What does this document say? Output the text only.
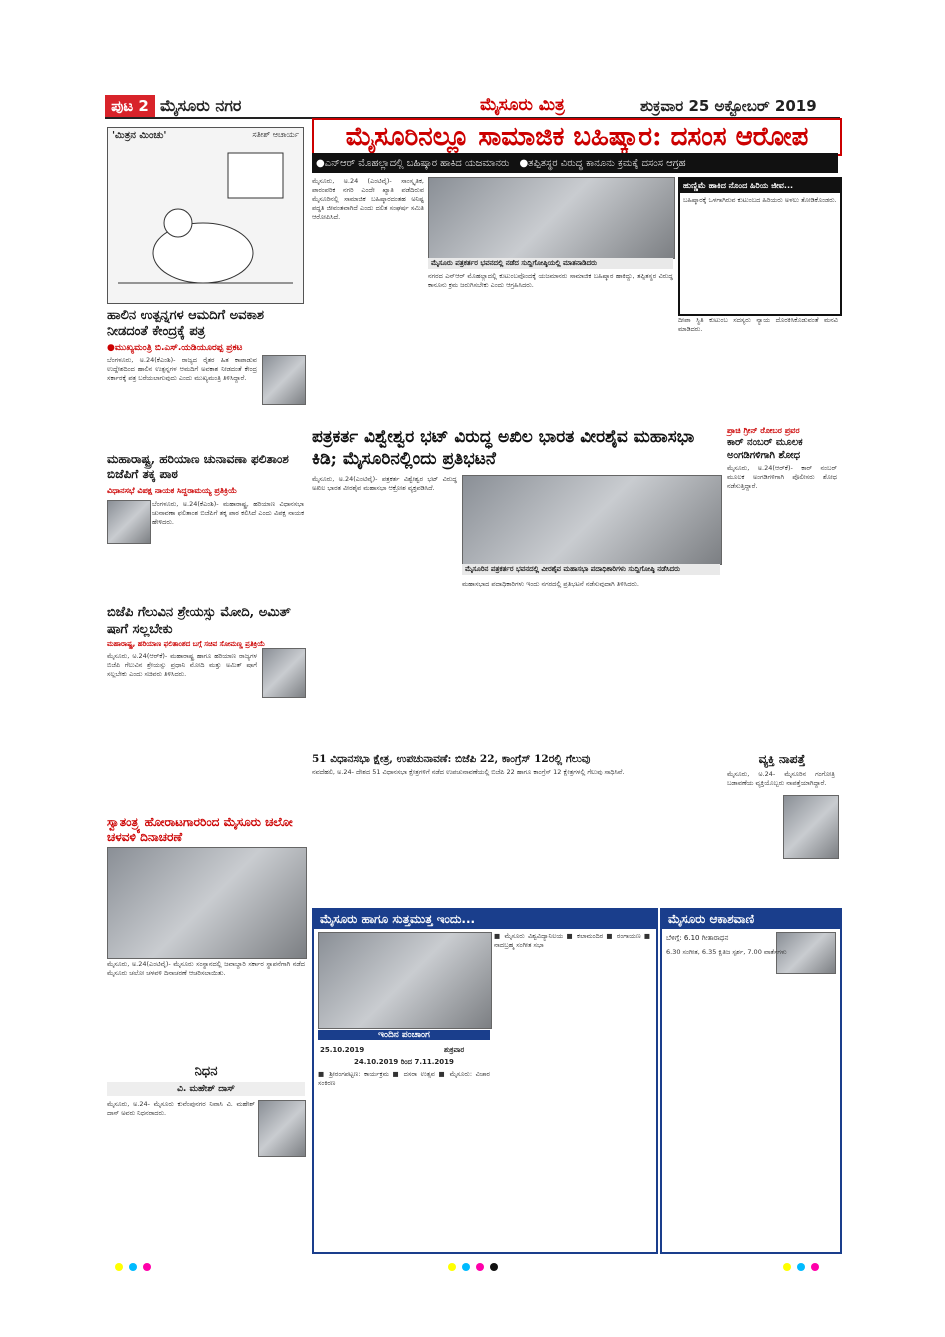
ಪುಟ
2 ಮೈಸೂರು ನಗರ	ಮೈಸೂರು ಮಿತ್ರ	ಶುಕ್ರವಾರ 25 ಅಕ್ಟೋಬರ್ 2019
'ಮಿತ್ರನ ಮಿಂಚು'	ಸತೀಶ್ ಆಚಾರ್ಯ
ಹಾಲಿನ ಉತ್ಪನ್ನಗಳ ಆಮದಿಗೆ ಅವಕಾಶ ನೀಡದಂತೆ ಕೇಂದ್ರಕ್ಕೆ ಪತ್ರ
●ಮುಖ್ಯಮಂತ್ರಿ ಬಿ.ಎಸ್.ಯಡಿಯೂರಪ್ಪ ಪ್ರಕಟ
ಬೆಂಗಳೂರು, ಅ.24(ಕೆಎಂಶಿ)- ರಾಜ್ಯದ ರೈತರ ಹಿತ ಕಾಪಾಡುವ ಉದ್ದೇಶದಿಂದ ಹಾಲಿನ ಉತ್ಪನ್ನಗಳ ಆಮದಿಗೆ ಅವಕಾಶ ನೀಡದಂತೆ ಕೇಂದ್ರ ಸರ್ಕಾರಕ್ಕೆ ಪತ್ರ ಬರೆಯಲಾಗುವುದು ಎಂದು ಮುಖ್ಯಮಂತ್ರಿ ತಿಳಿಸಿದ್ದಾರೆ.
ಮಹಾರಾಷ್ಟ್ರ, ಹರಿಯಾಣ ಚುನಾವಣಾ ಫಲಿತಾಂಶ ಬಿಜೆಪಿಗೆ ತಕ್ಕ ಪಾಠ
ವಿಧಾನಸಭೆ ವಿಪಕ್ಷ ನಾಯಕ ಸಿದ್ದರಾಮಯ್ಯ ಪ್ರತಿಕ್ರಿಯೆ
ಬೆಂಗಳೂರು, ಅ.24(ಕೆಎಂಶಿ)- ಮಹಾರಾಷ್ಟ್ರ, ಹರಿಯಾಣ ವಿಧಾನಸಭಾ ಚುನಾವಣಾ ಫಲಿತಾಂಶ ಬಿಜೆಪಿಗೆ ತಕ್ಕ ಪಾಠ ಕಲಿಸಿದೆ ಎಂದು ವಿಪಕ್ಷ ನಾಯಕ ಹೇಳಿದರು.
ಬಿಜೆಪಿ ಗೆಲುವಿನ ಶ್ರೇಯಸ್ಸು ಮೋದಿ, ಅಮಿತ್ ಷಾಗೆ ಸಲ್ಲಬೇಕು
ಮಹಾರಾಷ್ಟ್ರ, ಹರಿಯಾಣ ಫಲಿತಾಂಶದ ಬಗ್ಗೆ ಸಚಿವ ಸೋಮಣ್ಣ ಪ್ರತಿಕ್ರಿಯೆ
ಮೈಸೂರು, ಅ.24(ಆರ್‌ಕೆ)- ಮಹಾರಾಷ್ಟ್ರ ಹಾಗೂ ಹರಿಯಾಣ ರಾಜ್ಯಗಳ ಬಿಜೆಪಿ ಗೆಲುವಿನ ಶ್ರೇಯಸ್ಸು ಪ್ರಧಾನಿ ಮೋದಿ ಮತ್ತು ಅಮಿತ್ ಷಾಗೆ ಸಲ್ಲಬೇಕು ಎಂದು ಸಚಿವರು ತಿಳಿಸಿದರು.
ಸ್ವಾತಂತ್ರ್ಯ ಹೋರಾಟಗಾರರಿಂದ ಮೈಸೂರು ಚಲೋ ಚಳವಳಿ ದಿನಾಚರಣೆ
ಮೈಸೂರು, ಅ.24(ಎಂಟಿವೈ)- ಮೈಸೂರು ಸಂಸ್ಥಾನದಲ್ಲಿ ಜವಾಬ್ದಾರಿ ಸರ್ಕಾರ ಸ್ಥಾಪನೆಗಾಗಿ ನಡೆದ ಮೈಸೂರು ಚಲೋ ಚಳವಳಿ ದಿನಾಚರಣೆ ಆಚರಿಸಲಾಯಿತು.
ನಿಧನ
ವಿ. ಮಹೇಶ್ ದಾಸ್
ಮೈಸೂರು, ಅ.24- ಮೈಸೂರು ಕುವೆಂಪುನಗರ ನಿವಾಸಿ ವಿ. ಮಹೇಶ್ ದಾಸ್ ಅವರು ನಿಧನರಾದರು.
ಮೈಸೂರಿನಲ್ಲೂ ಸಾಮಾಜಿಕ ಬಹಿಷ್ಕಾರ: ದಸಂಸ ಆರೋಪ
●ಎನ್‌ಆರ್ ಮೊಹಲ್ಲಾದಲ್ಲಿ ಬಹಿಷ್ಕಾರ ಹಾಕಿದ ಯಜಮಾನರು ●ತಪ್ಪಿತಸ್ಥರ ವಿರುದ್ಧ ಕಾನೂನು ಕ್ರಮಕ್ಕೆ ದಸಂಸ ಆಗ್ರಹ
ಮೈಸೂರು, ಅ.24 (ಎಂಟಿವೈ)- ಸಾಂಸ್ಕೃತಿಕ, ಪಾರಂಪರಿಕ ನಗರಿ ಎಂದೇ ಖ್ಯಾತಿ ಪಡೆದಿರುವ ಮೈಸೂರಿನಲ್ಲಿ ಸಾಮಾಜಿಕ ಬಹಿಷ್ಕಾರದಂತಹ ಅನಿಷ್ಟ ಪದ್ಧತಿ ಜೀವಂತವಾಗಿದೆ ಎಂದು ದಲಿತ ಸಂಘರ್ಷ ಸಮಿತಿ ಆರೋಪಿಸಿದೆ.
ಮೈಸೂರು ಪತ್ರಕರ್ತರ ಭವನದಲ್ಲಿ ನಡೆದ ಸುದ್ದಿಗೋಷ್ಠಿಯಲ್ಲಿ ಮಾತನಾಡಿದರು
ನಗರದ ಎನ್‌ಆರ್ ಮೊಹಲ್ಲಾದಲ್ಲಿ ಕುಟುಂಬವೊಂದಕ್ಕೆ ಯಜಮಾನರು ಸಾಮಾಜಿಕ ಬಹಿಷ್ಕಾರ ಹಾಕಿದ್ದು, ತಪ್ಪಿತಸ್ಥರ ವಿರುದ್ಧ ಕಾನೂನು ಕ್ರಮ ಜರುಗಿಸಬೇಕು ಎಂದು ಆಗ್ರಹಿಸಿದರು.
ಹುಣ್ಣಿಮೆ ಹಾಕಿದ ನೊಂದ ಹಿರಿಯ ಜೀವ...
ಬಹಿಷ್ಕಾರಕ್ಕೆ ಒಳಗಾಗಿರುವ ಕುಟುಂಬದ ಹಿರಿಯರು ಅಳಲು ತೋಡಿಕೊಂಡರು.
ದೀಪಾ ಸ್ಥಿತಿ ಕುಟುಂಬ ಸದಸ್ಯರು ನ್ಯಾಯ ದೊರಕಿಸಿಕೊಡುವಂತೆ ಮನವಿ ಮಾಡಿದರು.
ಪತ್ರಕರ್ತ ವಿಶ್ವೇಶ್ವರ ಭಟ್ ವಿರುದ್ಧ ಅಖಿಲ ಭಾರತ ವೀರಶೈವ ಮಹಾಸಭಾ ಕಿಡಿ; ಮೈಸೂರಿನಲ್ಲಿಂದು ಪ್ರತಿಭಟನೆ
ಮೈಸೂರು, ಅ.24(ಎಂಟಿವೈ)- ಪತ್ರಕರ್ತ ವಿಶ್ವೇಶ್ವರ ಭಟ್ ವಿರುದ್ಧ ಅಖಿಲ ಭಾರತ ವೀರಶೈವ ಮಹಾಸಭಾ ಆಕ್ರೋಶ ವ್ಯಕ್ತಪಡಿಸಿದೆ.
ಮೈಸೂರಿನ ಪತ್ರಕರ್ತರ ಭವನದಲ್ಲಿ ವೀರಶೈವ ಮಹಾಸಭಾ ಪದಾಧಿಕಾರಿಗಳು ಸುದ್ದಿಗೋಷ್ಠಿ ನಡೆಸಿದರು
ಮಹಾಸಭಾದ ಪದಾಧಿಕಾರಿಗಳು ಇಂದು ನಗರದಲ್ಲಿ ಪ್ರತಿಭಟನೆ ನಡೆಸುವುದಾಗಿ ತಿಳಿಸಿದರು.
ಪ್ರಾಚಿ ಗ್ರೀನ್ ರೋಬರ ಪ್ರವರ
ಕಾರ್ ನಂಬರ್ ಮೂಲಕ ಅಂಗಡಿಗಳಿಗಾಗಿ ಶೋಧ
ಮೈಸೂರು, ಅ.24(ಆರ್‌ಕೆ)- ಕಾರ್ ನಂಬರ್ ಮೂಲಕ ಅಂಗಡಿಗಳಿಗಾಗಿ ಪೊಲೀಸರು ಶೋಧ ನಡೆಸುತ್ತಿದ್ದಾರೆ.
51 ವಿಧಾನಸಭಾ ಕ್ಷೇತ್ರ, ಉಪಚುನಾವಣೆ: ಬಿಜೆಪಿ 22, ಕಾಂಗ್ರೆಸ್ 12ರಲ್ಲಿ ಗೆಲುವು
ನವದೆಹಲಿ, ಅ.24- ದೇಶದ 51 ವಿಧಾನಸಭಾ ಕ್ಷೇತ್ರಗಳಿಗೆ ನಡೆದ ಉಪಚುನಾವಣೆಯಲ್ಲಿ ಬಿಜೆಪಿ 22 ಹಾಗೂ ಕಾಂಗ್ರೆಸ್ 12 ಕ್ಷೇತ್ರಗಳಲ್ಲಿ ಗೆಲುವು ಸಾಧಿಸಿವೆ.
ವ್ಯಕ್ತಿ ನಾಪತ್ತೆ
ಮೈಸೂರು, ಅ.24- ಮೈಸೂರಿನ ಗಂಗೋತ್ರಿ ಬಡಾವಣೆಯ ವ್ಯಕ್ತಿಯೊಬ್ಬರು ನಾಪತ್ತೆಯಾಗಿದ್ದಾರೆ.
ಮೈಸೂರು ಹಾಗೂ ಸುತ್ತಮುತ್ತ ಇಂದು...
ಇಂದಿನ ಪಂಚಾಂಗ
25.10.2019	ಶುಕ್ರವಾರ
24.10.2019 ರಿಂದ 7.11.2019
■ ಶ್ರೀರಂಗಪಟ್ಟಣ: ಕಾರ್ಯಕ್ರಮ ■ ದಸರಾ ಉತ್ಸವ ■ ಮೈಸೂರು: ವಿಚಾರ ಸಂಕಿರಣ
■ ಮೈಸೂರು ವಿಶ್ವವಿದ್ಯಾನಿಲಯ ■ ಕಲಾಮಂದಿರ ■ ರಂಗಾಯಣ ■ ನಾದಬ್ರಹ್ಮ ಸಂಗೀತ ಸಭಾ
ಮೈಸೂರು ಆಕಾಶವಾಣಿ
ಬೆಳಿಗ್ಗೆ: 6.10 ಗೀತಾರಾಧನ
6.30 ಸಂಗೀತ, 6.35 ಕ್ಷಿತಿಜ ಸ್ಪರ್ಶ, 7.00 ವಾರ್ತೆಗಳು
